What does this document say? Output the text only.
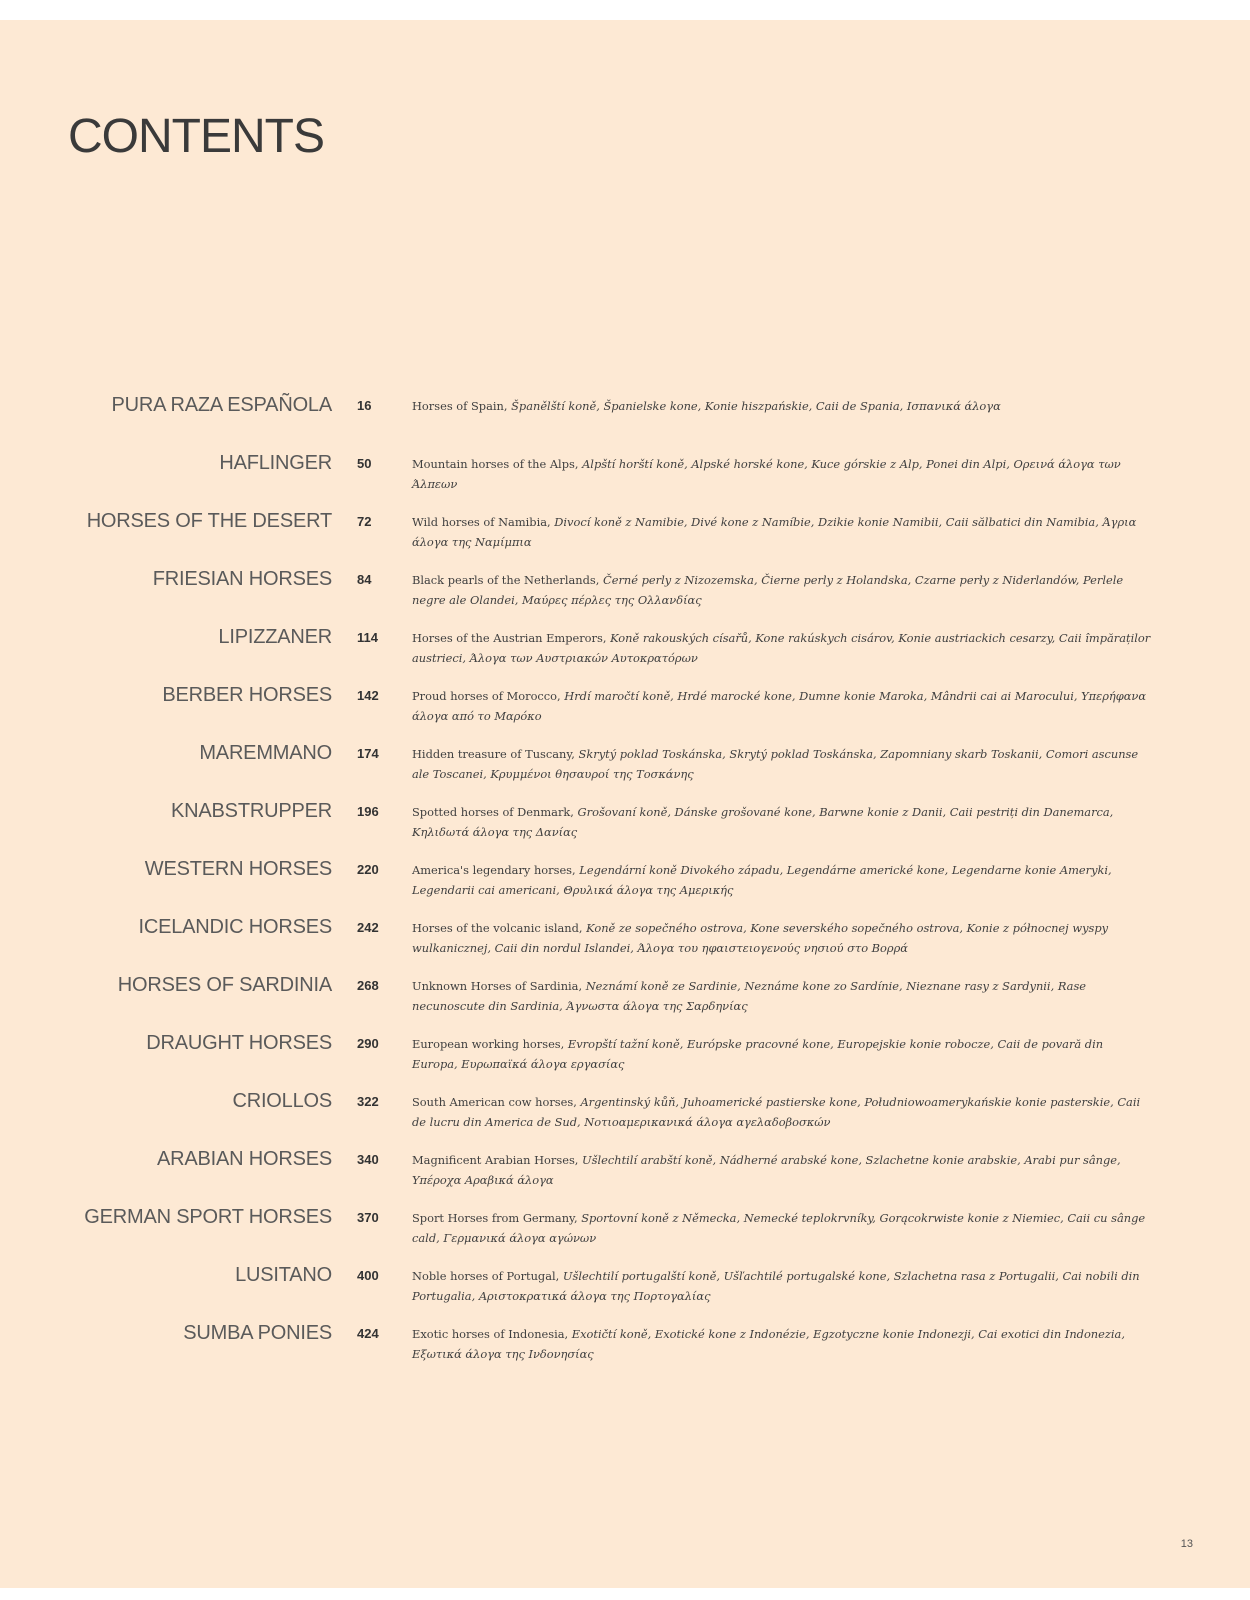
CONTENTS
PURA RAZA ESPAÑOLA 16	Horses of Spain, Španělští koně, Španielske kone, Konie hiszpańskie, Caii de Spania, Ισπανικά άλογα
HAFLINGER 50	Mountain horses of the Alps, Alpští horští koně, Alpské horské kone, Kuce górskie z Alp, Ponei din Alpi, Ορεινά άλογα των Άλπεων
HORSES OF THE DESERT 72	Wild horses of Namibia, Divocí koně z Namibie, Divé kone z Namíbie, Dzikie konie Namibii, Caii sălbatici din Namibia, Άγρια άλογα της Ναμίμπια
FRIESIAN HORSES 84	Black pearls of the Netherlands, Černé perly z Nizozemska, Čierne perly z Holandska, Czarne perły z Niderlandów, Perlele negre ale Olandei, Μαύρες πέρλες της Ολλανδίας
LIPIZZANER 114	Horses of the Austrian Emperors, Koně rakouských císařů, Kone rakúskych cisárov, Konie austriackich cesarzy, Caii împăraților austrieci, Άλογα των Αυστριακών Αυτοκρατόρων
BERBER HORSES 142	Proud horses of Morocco, Hrdí maročtí koně, Hrdé marocké kone, Dumne konie Maroka, Mândrii cai ai Marocului, Υπερήφανα άλογα από το Μαρόκο
MAREMMANO 174	Hidden treasure of Tuscany, Skrytý poklad Toskánska, Skrytý poklad Toskánska, Zapomniany skarb Toskanii, Comori ascunse ale Toscanei, Κρυμμένοι θησαυροί της Τοσκάνης
KNABSTRUPPER 196	Spotted horses of Denmark, Grošovaní koně, Dánske grošované kone, Barwne konie z Danii, Caii pestriți din Danemarca, Κηλιδωτά άλογα της Δανίας
WESTERN HORSES 220	America's legendary horses, Legendární koně Divokého západu, Legendárne americké kone, Legendarne konie Ameryki, Legendarii cai americani, Θρυλικά άλογα της Αμερικής
ICELANDIC HORSES 242	Horses of the volcanic island, Koně ze sopečného ostrova, Kone severského sopečného ostrova, Konie z północnej wyspy wulkanicznej, Caii din nordul Islandei, Άλογα του ηφαιστειογενούς νησιού στο Βορρά
HORSES OF SARDINIA 268	Unknown Horses of Sardinia, Neznámí koně ze Sardinie, Neznáme kone zo Sardínie, Nieznane rasy z Sardynii, Rase necunoscute din Sardinia, Άγνωστα άλογα της Σαρδηνίας
DRAUGHT HORSES 290	European working horses, Evropští tažní koně, Európske pracovné kone, Europejskie konie robocze, Caii de povară din Europa, Ευρωπαϊκά άλογα εργασίας
CRIOLLOS 322	South American cow horses, Argentinský kůň, Juhoamerické pastierske kone, Południowoamerykańskie konie pasterskie, Caii de lucru din America de Sud, Νοτιοαμερικανικά άλογα αγελαδοβοσκών
ARABIAN HORSES 340	Magnificent Arabian Horses, Ušlechtilí arabští koně, Nádherné arabské kone, Szlachetne konie arabskie, Arabi pur sânge, Υπέροχα Αραβικά άλογα
GERMAN SPORT HORSES 370	Sport Horses from Germany, Sportovní koně z Německa, Nemecké teplokrvníky, Gorącokrwiste konie z Niemiec, Caii cu sânge cald, Γερμανικά άλογα αγώνων
LUSITANO 400	Noble horses of Portugal, Ušlechtilí portugalští koně, Ušľachtilé portugalské kone, Szlachetna rasa z Portugalii, Cai nobili din Portugalia, Αριστοκρατικά άλογα της Πορτογαλίας
SUMBA PONIES 424	Exotic horses of Indonesia, Exotičtí koně, Exotické kone z Indonézie, Egzotyczne konie Indonezji, Cai exotici din Indonezia, Εξωτικά άλογα της Ινδονησίας
13
